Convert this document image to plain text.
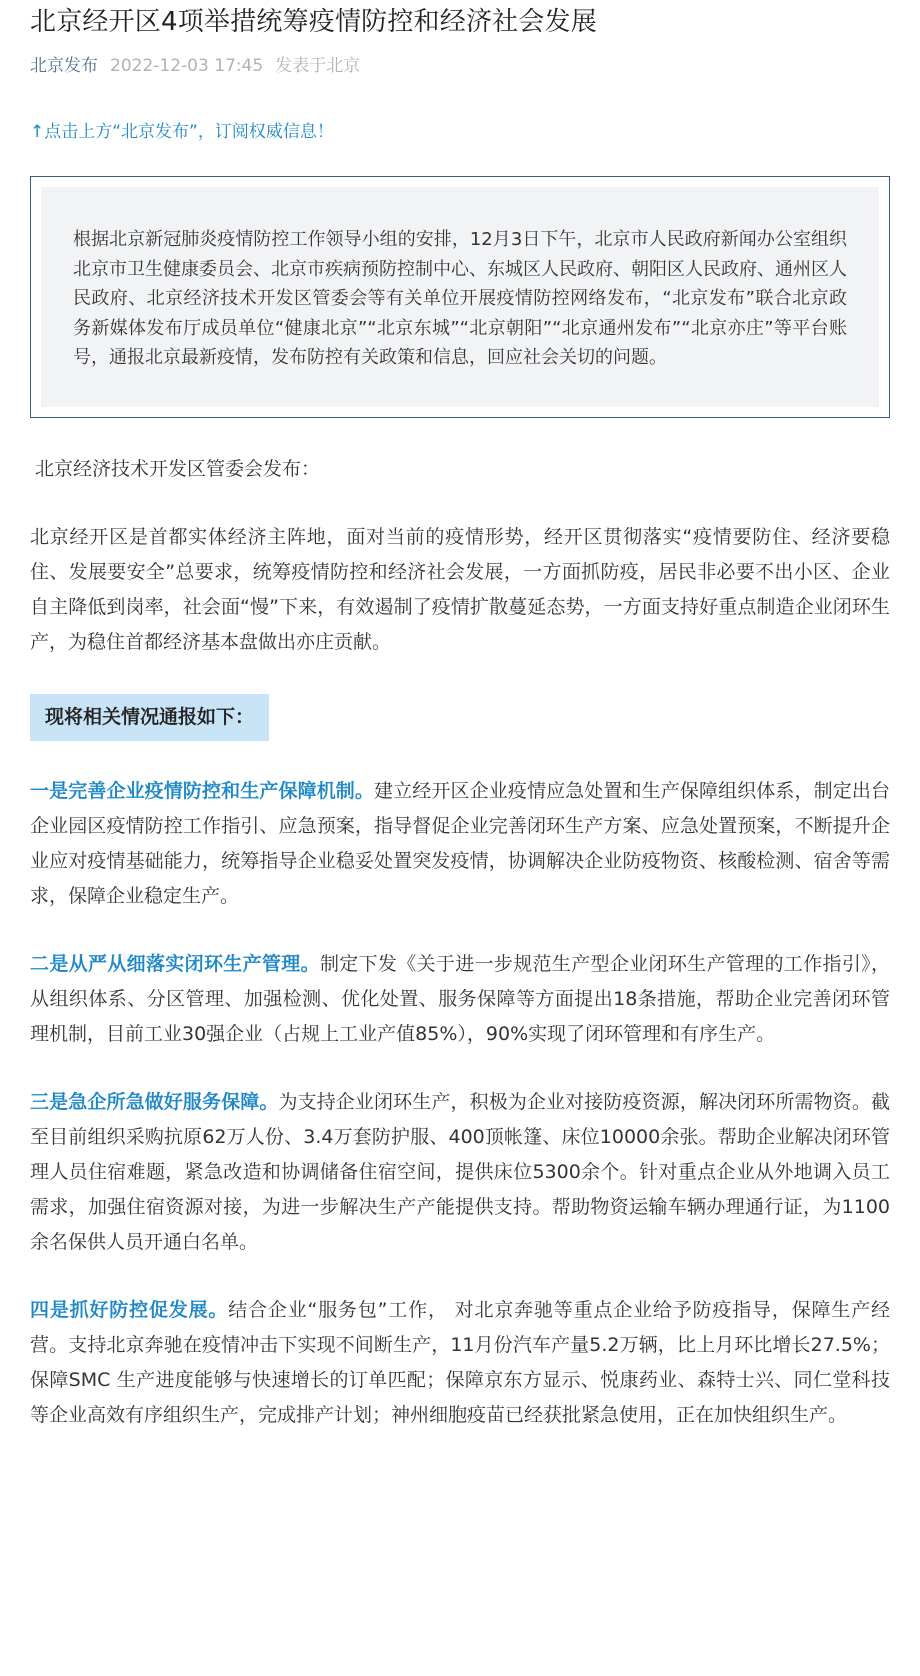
北京经开区4项举措统筹疫情防控和经济社会发展
北京发布 2022-12-03 17:45 发表于北京
↑点击上方“北京发布”，订阅权威信息！
根据北京新冠肺炎疫情防控工作领导小组的安排，12月3日下午，北京市人民政府新闻办公室组织北京市卫生健康委员会、北京市疾病预防控制中心、东城区人民政府、朝阳区人民政府、通州区人民政府、北京经济技术开发区管委会等有关单位开展疫情防控网络发布，“北京发布”联合北京政务新媒体发布厅成员单位“健康北京”“北京东城”“北京朝阳”“北京通州发布”“北京亦庄”等平台账号，通报北京最新疫情，发布防控有关政策和信息，回应社会关切的问题。

北京经济技术开发区管委会发布：

北京经开区是首都实体经济主阵地，面对当前的疫情形势，经开区贯彻落实“疫情要防住、经济要稳住、发展要安全”总要求，统筹疫情防控和经济社会发展，一方面抓防疫，居民非必要不出小区、企业自主降低到岗率，社会面“慢”下来，有效遏制了疫情扩散蔓延态势，一方面支持好重点制造企业闭环生产，为稳住首都经济基本盘做出亦庄贡献。

现将相关情况通报如下：

一是完善企业疫情防控和生产保障机制。建立经开区企业疫情应急处置和生产保障组织体系，制定出台企业园区疫情防控工作指引、应急预案，指导督促企业完善闭环生产方案、应急处置预案，不断提升企业应对疫情基础能力，统筹指导企业稳妥处置突发疫情，协调解决企业防疫物资、核酸检测、宿舍等需求，保障企业稳定生产。

二是从严从细落实闭环生产管理。制定下发《关于进一步规范生产型企业闭环生产管理的工作指引》，从组织体系、分区管理、加强检测、优化处置、服务保障等方面提出18条措施，帮助企业完善闭环管理机制，目前工业30强企业（占规上工业产值85%），90%实现了闭环管理和有序生产。

三是急企所急做好服务保障。为支持企业闭环生产，积极为企业对接防疫资源，解决闭环所需物资。截至目前组织采购抗原62万人份、3.4万套防护服、400顶帐篷、床位10000余张。帮助企业解决闭环管理人员住宿难题，紧急改造和协调储备住宿空间，提供床位5300余个。针对重点企业从外地调入员工需求，加强住宿资源对接，为进一步解决生产产能提供支持。帮助物资运输车辆办理通行证，为1100余名保供人员开通白名单。

四是抓好防控促发展。结合企业“服务包”工作， 对北京奔驰等重点企业给予防疫指导，保障生产经营。支持北京奔驰在疫情冲击下实现不间断生产，11月份汽车产量5.2万辆，比上月环比增长27.5%；保障SMC 生产进度能够与快速增长的订单匹配；保障京东方显示、悦康药业、森特士兴、同仁堂科技等企业高效有序组织生产，完成排产计划；神州细胞疫苗已经获批紧急使用，正在加快组织生产。
